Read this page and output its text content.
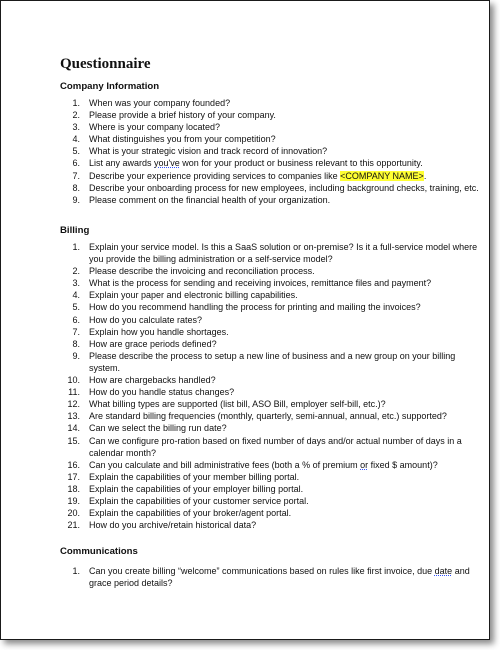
Questionnaire
Company Information
1. When was your company founded?
2. Please provide a brief history of your company.
3. Where is your company located?
4. What distinguishes you from your competition?
5. What is your strategic vision and track record of innovation?
6. List any awards you've won for your product or business relevant to this opportunity.
7. Describe your experience providing services to companies like <COMPANY NAME>.
8. Describe your onboarding process for new employees, including background checks, training, etc.
9. Please comment on the financial health of your organization.
Billing
1. Explain your service model. Is this a SaaS solution or on-premise? Is it a full-service model where you provide the billing administration or a self-service model?
2. Please describe the invoicing and reconciliation process.
3. What is the process for sending and receiving invoices, remittance files and payment?
4. Explain your paper and electronic billing capabilities.
5. How do you recommend handling the process for printing and mailing the invoices?
6. How do you calculate rates?
7. Explain how you handle shortages.
8. How are grace periods defined?
9. Please describe the process to setup a new line of business and a new group on your billing system.
10. How are chargebacks handled?
11. How do you handle status changes?
12. What billing types are supported (list bill, ASO Bill, employer self-bill, etc.)?
13. Are standard billing frequencies (monthly, quarterly, semi-annual, annual, etc.) supported?
14. Can we select the billing run date?
15. Can we configure pro-ration based on fixed number of days and/or actual number of days in a calendar month?
16. Can you calculate and bill administrative fees (both a % of premium or fixed $ amount)?
17. Explain the capabilities of your member billing portal.
18. Explain the capabilities of your employer billing portal.
19. Explain the capabilities of your customer service portal.
20. Explain the capabilities of your broker/agent portal.
21. How do you archive/retain historical data?
Communications
1. Can you create billing “welcome” communications based on rules like first invoice, due date and grace period details?
